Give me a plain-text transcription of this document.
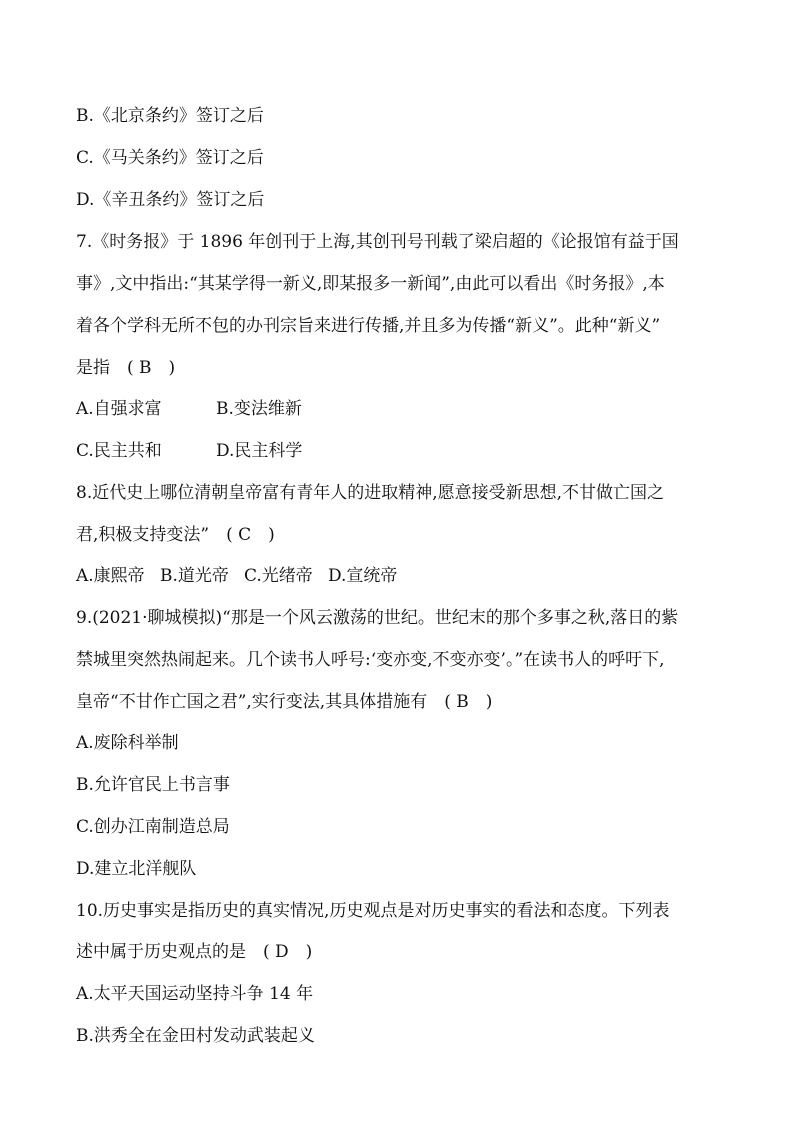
B.《北京条约》签订之后
C.《马关条约》签订之后
D.《辛丑条约》签订之后
7.《时务报》于 1896 年创刊于上海,其创刊号刊载了梁启超的《论报馆有益于国
事》,文中指出:“其某学得一新义,即某报多一新闻”,由此可以看出《时务报》,本
着各个学科无所不包的办刊宗旨来进行传播,并且多为传播“新义”。此种“新义”
是指　( B　)
A.自强求富	B.变法维新
C.民主共和	D.民主科学
8.近代史上哪位清朝皇帝富有青年人的进取精神,愿意接受新思想,不甘做亡国之
君,积极支持变法”　( C　)
A.康熙帝 B.道光帝 C.光绪帝 D.宣统帝
9.(2021·聊城模拟)“那是一个风云激荡的世纪。世纪末的那个多事之秋,落日的紫
禁城里突然热闹起来。几个读书人呼号:‘变亦变,不变亦变’。”在读书人的呼吁下,
皇帝“不甘作亡国之君”,实行变法,其具体措施有　( B　)
A.废除科举制
B.允许官民上书言事
C.创办江南制造总局
D.建立北洋舰队
10.历史事实是指历史的真实情况,历史观点是对历史事实的看法和态度。下列表
述中属于历史观点的是　( D　)
A.太平天国运动坚持斗争 14 年
B.洪秀全在金田村发动武装起义
